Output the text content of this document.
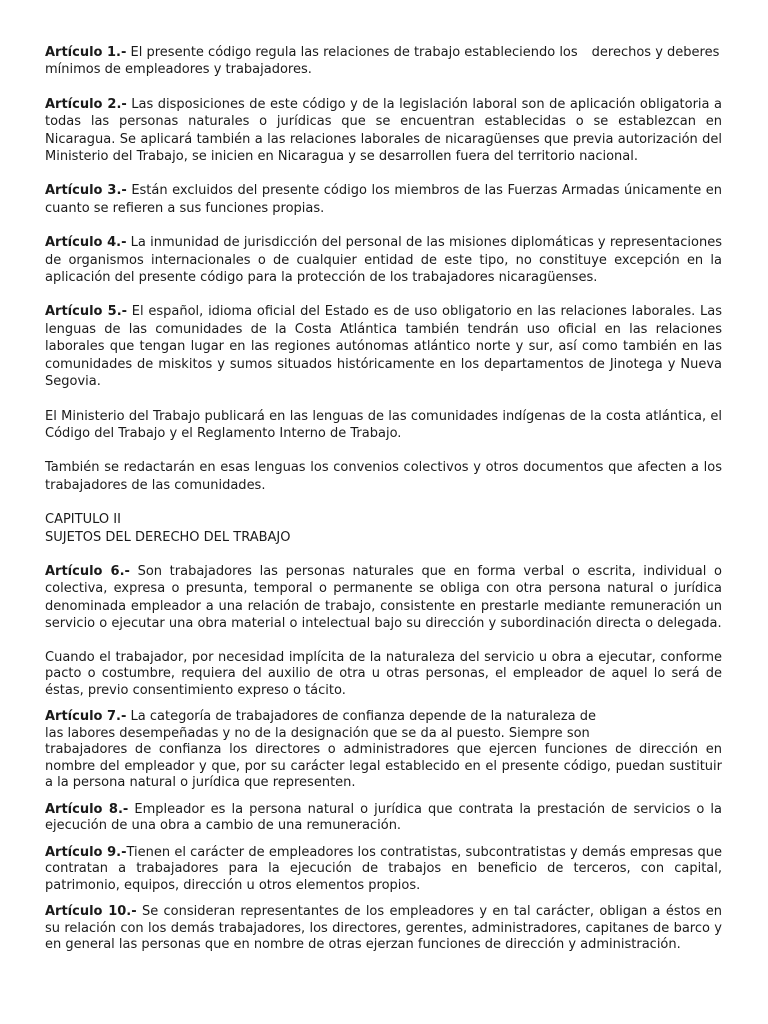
Artículo 1.- El presente código regula las relaciones de trabajo estableciendo los derechos y deberes mínimos de empleadores y trabajadores.

Artículo 2.- Las disposiciones de este código y de la legislación laboral son de aplicación obligatoria a todas las personas naturales o jurídicas que se encuentran establecidas o se establezcan en Nicaragua. Se aplicará también a las relaciones laborales de nicaragüenses que previa autorización del Ministerio del Trabajo, se inicien en Nicaragua y se desarrollen fuera del territorio nacional.

Artículo 3.- Están excluidos del presente código los miembros de las Fuerzas Armadas únicamente en cuanto se refieren a sus funciones propias.

Artículo 4.- La inmunidad de jurisdicción del personal de las misiones diplomáticas y representaciones de organismos internacionales o de cualquier entidad de este tipo, no constituye excepción en la aplicación del presente código para la protección de los trabajadores nicaragüenses.

Artículo 5.- El español, idioma oficial del Estado es de uso obligatorio en las relaciones laborales. Las lenguas de las comunidades de la Costa Atlántica también tendrán uso oficial en las relaciones laborales que tengan lugar en las regiones autónomas atlántico norte y sur, así como también en las comunidades de miskitos y sumos situados históricamente en los departamentos de Jinotega y Nueva Segovia.

El Ministerio del Trabajo publicará en las lenguas de las comunidades indígenas de la costa atlántica, el Código del Trabajo y el Reglamento Interno de Trabajo.

También se redactarán en esas lenguas los convenios colectivos y otros documentos que afecten a los trabajadores de las comunidades.

CAPITULO II

SUJETOS DEL DERECHO DEL TRABAJO

Artículo 6.- Son trabajadores las personas naturales que en forma verbal o escrita, individual o colectiva, expresa o presunta, temporal o permanente se obliga con otra persona natural o jurídica denominada empleador a una relación de trabajo, consistente en prestarle mediante remuneración un servicio o ejecutar una obra material o intelectual bajo su dirección y subordinación directa o delegada.

Cuando el trabajador, por necesidad implícita de la naturaleza del servicio u obra a ejecutar, conforme pacto o costumbre, requiera del auxilio de otra u otras personas, el empleador de aquel lo será de éstas, previo consentimiento expreso o tácito.

Artículo 7.- La categoría de trabajadores de confianza depende de la naturaleza de

las labores desempeñadas y no de la designación que se da al puesto. Siempre son

trabajadores de confianza los directores o administradores que ejercen funciones de dirección en nombre del empleador y que, por su carácter legal establecido en el presente código, puedan sustituir a la persona natural o jurídica que representen.

Artículo 8.- Empleador es la persona natural o jurídica que contrata la prestación de servicios o la ejecución de una obra a cambio de una remuneración.

Artículo 9.-Tienen el carácter de empleadores los contratistas, subcontratistas y demás empresas que contratan a trabajadores para la ejecución de trabajos en beneficio de terceros, con capital, patrimonio, equipos, dirección u otros elementos propios.

Artículo 10.- Se consideran representantes de los empleadores y en tal carácter, obligan a éstos en su relación con los demás trabajadores, los directores, gerentes, administradores, capitanes de barco y en general las personas que en nombre de otras ejerzan funciones de dirección y administración.
